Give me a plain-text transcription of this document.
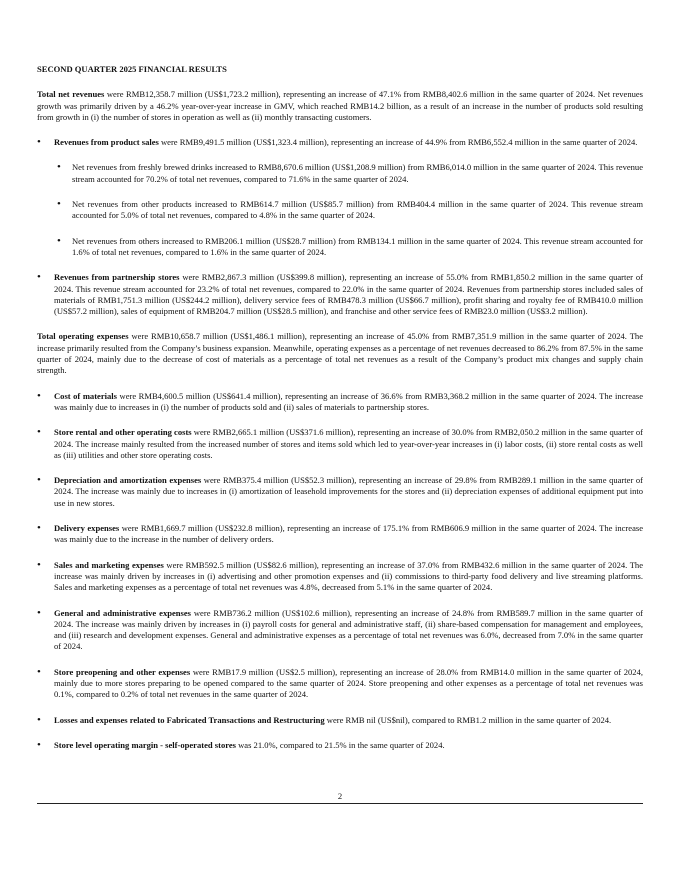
SECOND QUARTER 2025 FINANCIAL RESULTS

Total net revenues were RMB12,358.7 million (US$1,723.2 million), representing an increase of 47.1% from RMB8,402.6 million in the same quarter of 2024. Net revenues growth was primarily driven by a 46.2% year-over-year increase in GMV, which reached RMB14.2 billion, as a result of an increase in the number of products sold resulting from growth in (i) the number of stores in operation as well as (ii) monthly transacting customers.

• Revenues from product sales were RMB9,491.5 million (US$1,323.4 million), representing an increase of 44.9% from RMB6,552.4 million in the same quarter of 2024.
• Net revenues from freshly brewed drinks increased to RMB8,670.6 million (US$1,208.9 million) from RMB6,014.0 million in the same quarter of 2024. This revenue stream accounted for 70.2% of total net revenues, compared to 71.6% in the same quarter of 2024.
• Net revenues from other products increased to RMB614.7 million (US$85.7 million) from RMB404.4 million in the same quarter of 2024. This revenue stream accounted for 5.0% of total net revenues, compared to 4.8% in the same quarter of 2024.
• Net revenues from others increased to RMB206.1 million (US$28.7 million) from RMB134.1 million in the same quarter of 2024. This revenue stream accounted for 1.6% of total net revenues, compared to 1.6% in the same quarter of 2024.
• Revenues from partnership stores were RMB2,867.3 million (US$399.8 million), representing an increase of 55.0% from RMB1,850.2 million in the same quarter of 2024. This revenue stream accounted for 23.2% of total net revenues, compared to 22.0% in the same quarter of 2024. Revenues from partnership stores included sales of materials of RMB1,751.3 million (US$244.2 million), delivery service fees of RMB478.3 million (US$66.7 million), profit sharing and royalty fee of RMB410.0 million (US$57.2 million), sales of equipment of RMB204.7 million (US$28.5 million), and franchise and other service fees of RMB23.0 million (US$3.2 million).

Total operating expenses were RMB10,658.7 million (US$1,486.1 million), representing an increase of 45.0% from RMB7,351.9 million in the same quarter of 2024. The increase primarily resulted from the Company’s business expansion. Meanwhile, operating expenses as a percentage of net revenues decreased to 86.2% from 87.5% in the same quarter of 2024, mainly due to the decrease of cost of materials as a percentage of total net revenues as a result of the Company’s product mix changes and supply chain strength.

• Cost of materials were RMB4,600.5 million (US$641.4 million), representing an increase of 36.6% from RMB3,368.2 million in the same quarter of 2024. The increase was mainly due to increases in (i) the number of products sold and (ii) sales of materials to partnership stores.
• Store rental and other operating costs were RMB2,665.1 million (US$371.6 million), representing an increase of 30.0% from RMB2,050.2 million in the same quarter of 2024. The increase mainly resulted from the increased number of stores and items sold which led to year-over-year increases in (i) labor costs, (ii) store rental costs as well as (iii) utilities and other store operating costs.
• Depreciation and amortization expenses were RMB375.4 million (US$52.3 million), representing an increase of 29.8% from RMB289.1 million in the same quarter of 2024. The increase was mainly due to increases in (i) amortization of leasehold improvements for the stores and (ii) depreciation expenses of additional equipment put into use in new stores.
• Delivery expenses were RMB1,669.7 million (US$232.8 million), representing an increase of 175.1% from RMB606.9 million in the same quarter of 2024. The increase was mainly due to the increase in the number of delivery orders.
• Sales and marketing expenses were RMB592.5 million (US$82.6 million), representing an increase of 37.0% from RMB432.6 million in the same quarter of 2024. The increase was mainly driven by increases in (i) advertising and other promotion expenses and (ii) commissions to third-party food delivery and live streaming platforms. Sales and marketing expenses as a percentage of total net revenues was 4.8%, decreased from 5.1% in the same quarter of 2024.
• General and administrative expenses were RMB736.2 million (US$102.6 million), representing an increase of 24.8% from RMB589.7 million in the same quarter of 2024. The increase was mainly driven by increases in (i) payroll costs for general and administrative staff, (ii) share-based compensation for management and employees, and (iii) research and development expenses. General and administrative expenses as a percentage of total net revenues was 6.0%, decreased from 7.0% in the same quarter of 2024.
• Store preopening and other expenses were RMB17.9 million (US$2.5 million), representing an increase of 28.0% from RMB14.0 million in the same quarter of 2024, mainly due to more stores preparing to be opened compared to the same quarter of 2024. Store preopening and other expenses as a percentage of total net revenues was 0.1%, compared to 0.2% of total net revenues in the same quarter of 2024.
• Losses and expenses related to Fabricated Transactions and Restructuring were RMB nil (US$nil), compared to RMB1.2 million in the same quarter of 2024.
• Store level operating margin - self-operated stores was 21.0%, compared to 21.5% in the same quarter of 2024.
2
